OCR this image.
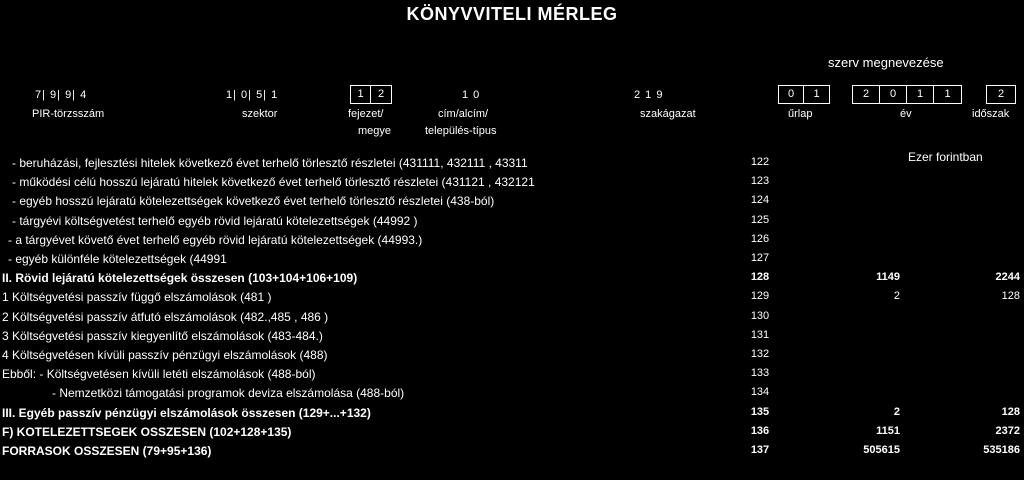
KÖNYVVITELI MÉRLEG
szerv megnevezése
7| 9| 9| 4
PIR-törzsszám
1| 0| 5| 1
szektor
1	2
fejezet/
megye
1 0
cím/alcím/
település-típus
2 1 9
szakágazat
0	1
űrlap
2	0	1	1
év
2
időszak
Ezer forintban
- beruházási, fejlesztési hitelek következő évet terhelő törlesztő részletei (431111, 432111 , 43311	122
- működési célú hosszú lejáratú hitelek következő évet terhelő törlesztő részletei (431121 , 432121	123
- egyéb hosszú lejáratú kötelezettségek következő évet terhelő törlesztő részletei (438-ból)	124
- tárgyévi költségvetést terhelő egyéb rövid lejáratú kötelezettségek (44992 )	125
- a tárgyévet követő évet terhelő egyéb rövid lejáratú kötelezettségek (44993.)	126
- egyéb különféle kötelezettségek (44991	127
II. Rövid lejáratú kötelezettségek összesen (103+104+106+109)	128	1149	2244
1 Költségvetési passzív függő elszámolások (481 )	129	2	128
2 Költségvetési passzív átfutó elszámolások (482.,485 , 486 )	130
3 Költségvetési passzív kiegyenlítő elszámolások (483-484.)	131
4 Költségvetésen kívüli passzív pénzügyi elszámolások (488)	132
Ebből: - Költségvetésen kívüli letéti elszámolások (488-ból)	133
- Nemzetközi támogatási programok deviza elszámolása (488-ból)	134
III. Egyéb passzív pénzügyi elszámolások összesen (129+...+132)	135	2	128
F) KOTELEZETTSEGEK OSSZESEN (102+128+135)	136	1151	2372
FORRASOK OSSZESEN (79+95+136)	137	505615	535186
